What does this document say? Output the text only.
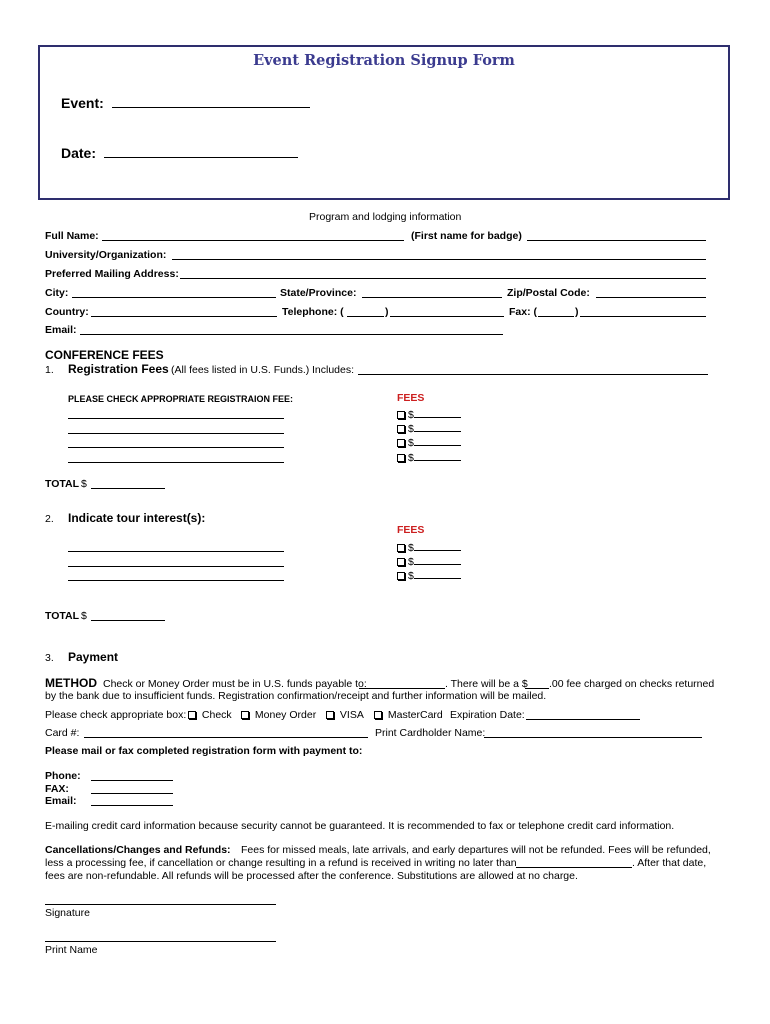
Event Registration Signup Form
Event:
Date:
Program and lodging information
Full Name:	(First name for badge)
University/Organization:
Preferred Mailing Address:
City:	State/Province:	Zip/Postal Code:
Country:	Telephone: (	)	Fax: (	)
Email:
CONFERENCE FEES
1. Registration Fees (All fees listed in U.S. Funds.) Includes:
PLEASE CHECK APPROPRIATE REGISTRAION FEE:	FEES
$
$
$
$
TOTAL $
2. Indicate tour interest(s):
FEES
$
$
$
TOTAL $
3. Payment
METHOD Check or Money Order must be in U.S. funds payable to:	. There will be a $ .00 fee charged on checks returned
by the bank due to insufficient funds. Registration confirmation/receipt and further information will be mailed.
Please check appropriate box:	Check	Money Order	VISA	MasterCard Expiration Date:
Card #:	Print Cardholder Name:
Please mail or fax completed registration form with payment to:
Phone:
FAX:
Email:
E-mailing credit card information because security cannot be guaranteed. It is recommended to fax or telephone credit card information.
Cancellations/Changes and Refunds: Fees for missed meals, late arrivals, and early departures will not be refunded. Fees will be refunded,
less a processing fee, if cancellation or change resulting in a refund is received in writing no later than	. After that date,
fees are non-refundable. All refunds will be processed after the conference. Substitutions are allowed at no charge.
Signature
Print Name
